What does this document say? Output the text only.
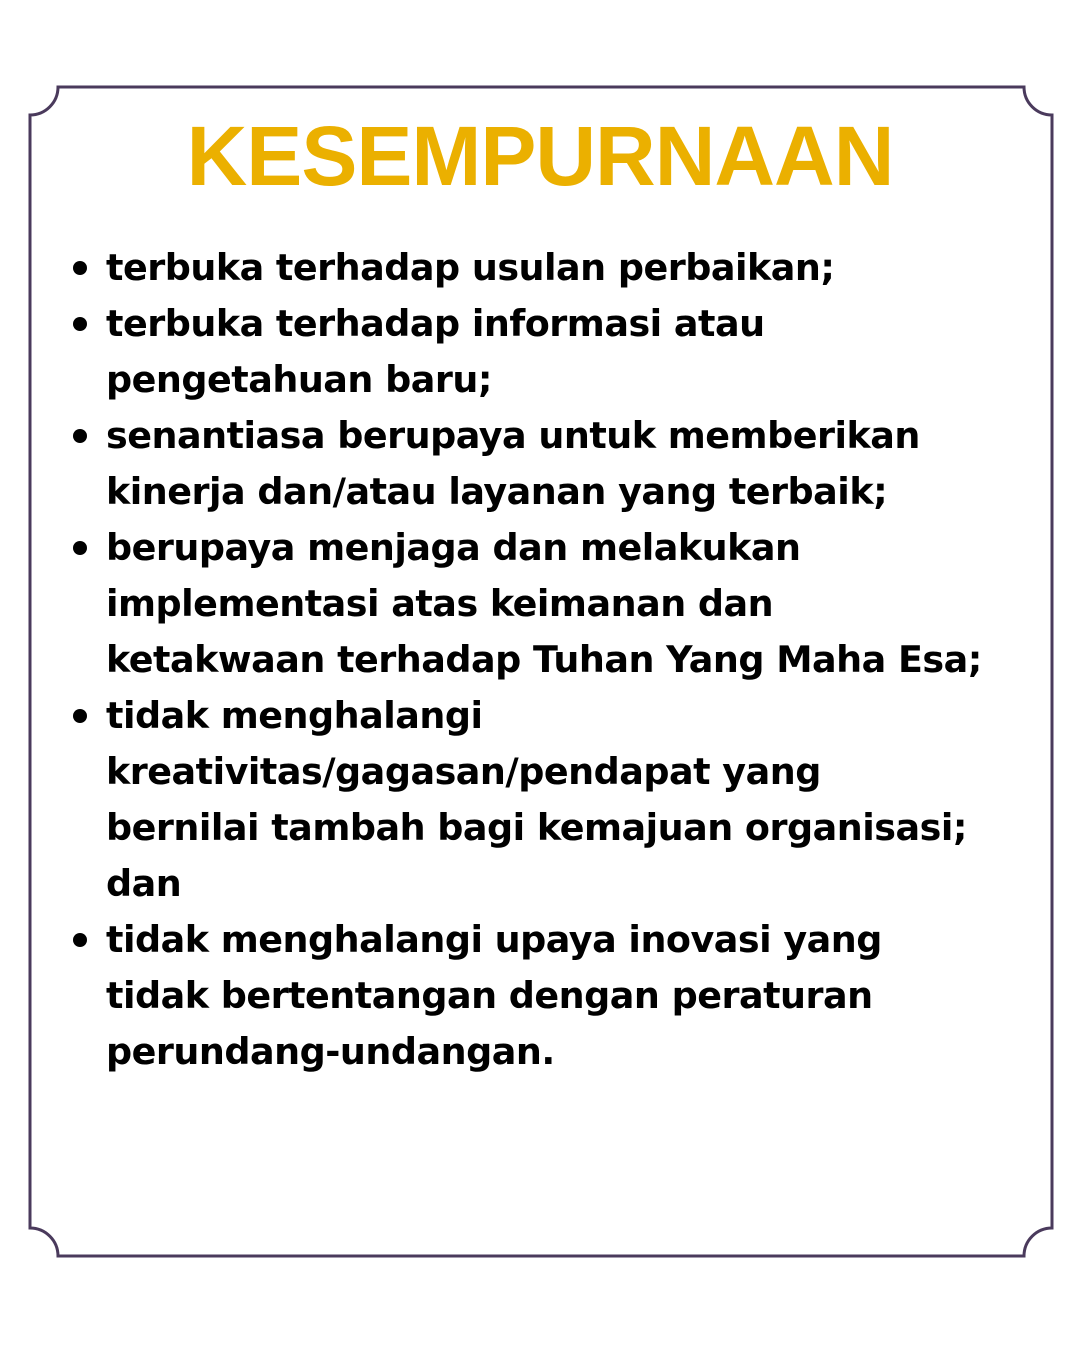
KESEMPURNAAN
terbuka terhadap usulan perbaikan;
terbuka terhadap informasi atau
pengetahuan baru;
senantiasa berupaya untuk memberikan
kinerja dan/atau layanan yang terbaik;
berupaya menjaga dan melakukan
implementasi atas keimanan dan
ketakwaan terhadap Tuhan Yang Maha Esa;
tidak menghalangi
kreativitas/gagasan/pendapat yang
bernilai tambah bagi kemajuan organisasi;
dan
tidak menghalangi upaya inovasi yang
tidak bertentangan dengan peraturan
perundang-undangan.
